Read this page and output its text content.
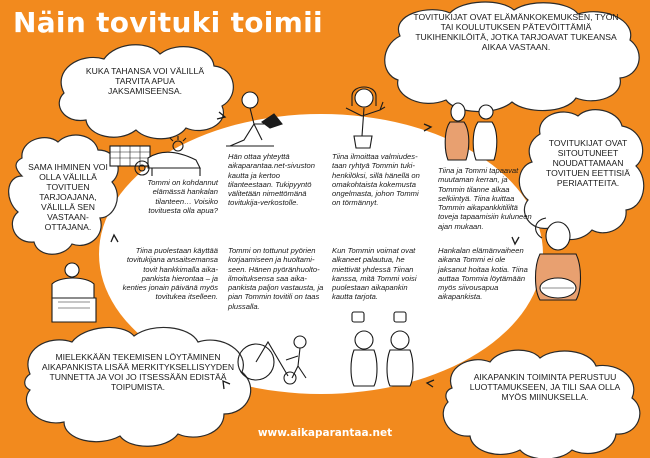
Näin tovituki toimii
KUKA TAHANSA VOI VÄLILLÄ TARVITA APUA JAKSAMISEENSA.
TOVITUKIJAT OVAT ELÄMÄNKOKEMUKSEN, TYÖN TAI KOULUTUKSEN PÄTEVÖITTÄMIÄ TUKIHENKILÖITÄ, JOTKA TARJOAVAT TUKEANSA AIKAA VASTAAN.
SAMA IHMINEN VOI OLLA VÄLILLÄ TOVITUEN TARJOAJANA, VÄLILLÄ SEN VASTAAN-OTTAJANA.
TOVITUKIJAT OVAT SITOUTUNEET NOUDATTAMAAN TOVITUEN EETTISIÄ PERIAATTEITA.
MIELEKKÄÄN TEKEMISEN LÖYTÄMINEN AIKAPANKISTA LISÄÄ MERKITYKSELLISYYDEN TUNNETTA JA VOI JO ITSESSÄÄN EDISTÄÄ TOIPUMISTA.
AIKAPANKIN TOIMINTA PERUSTUU LUOTTAMUKSEEN, JA TILI SAA OLLA MYÖS MIINUKSELLA.
Tommi on kohdannut elämässä hankalan tilanteen… Voisiko tovituesta olla apua?
Hän ottaa yhteyttä aikaparantaa.net-sivuston kautta ja kertoo tilanteestaan. Tukipyyntö välitetään nimettömänä tovitukija-verkostolle.
Tiina ilmoittaa valmiudes-taan ryhtyä Tommin tuki-henkilöksi, sillä hänellä on omakohtaista kokemusta ongelmasta, johon Tommi on törmännyt.
Tiina ja Tommi tapaavat muutaman kerran, ja Tommin tilanne alkaa selkiintyä. Tiina kuittaa Tommin aikapankkitililtä toveja tapaamisiin kuluneen ajan mukaan.
Tiina puolestaan käyttää tovitukijana ansaitsemansa tovit hankkimalla aika-pankista hierontaa – ja kenties jonain päivänä myös tovitukea itselleen.
Tommi on tottunut pyörien korjaamiseen ja huoltami-seen. Hänen pyöränhuolto-ilmoituksensa saa aika-pankista paljon vastausta, ja pian Tommin tovitili on taas plussalla.
Kun Tommin voimat ovat alkaneet palautua, he miettivät yhdessä Tiinan kanssa, mitä Tommi voisi puolestaan aikapankin kautta tarjota.
Hankalan elämänvaiheen aikana Tommi ei ole jaksanut hoitaa kotia. Tiina auttaa Tommia löytämään myös siivousapua aikapankista.
www.aikaparantaa.net
